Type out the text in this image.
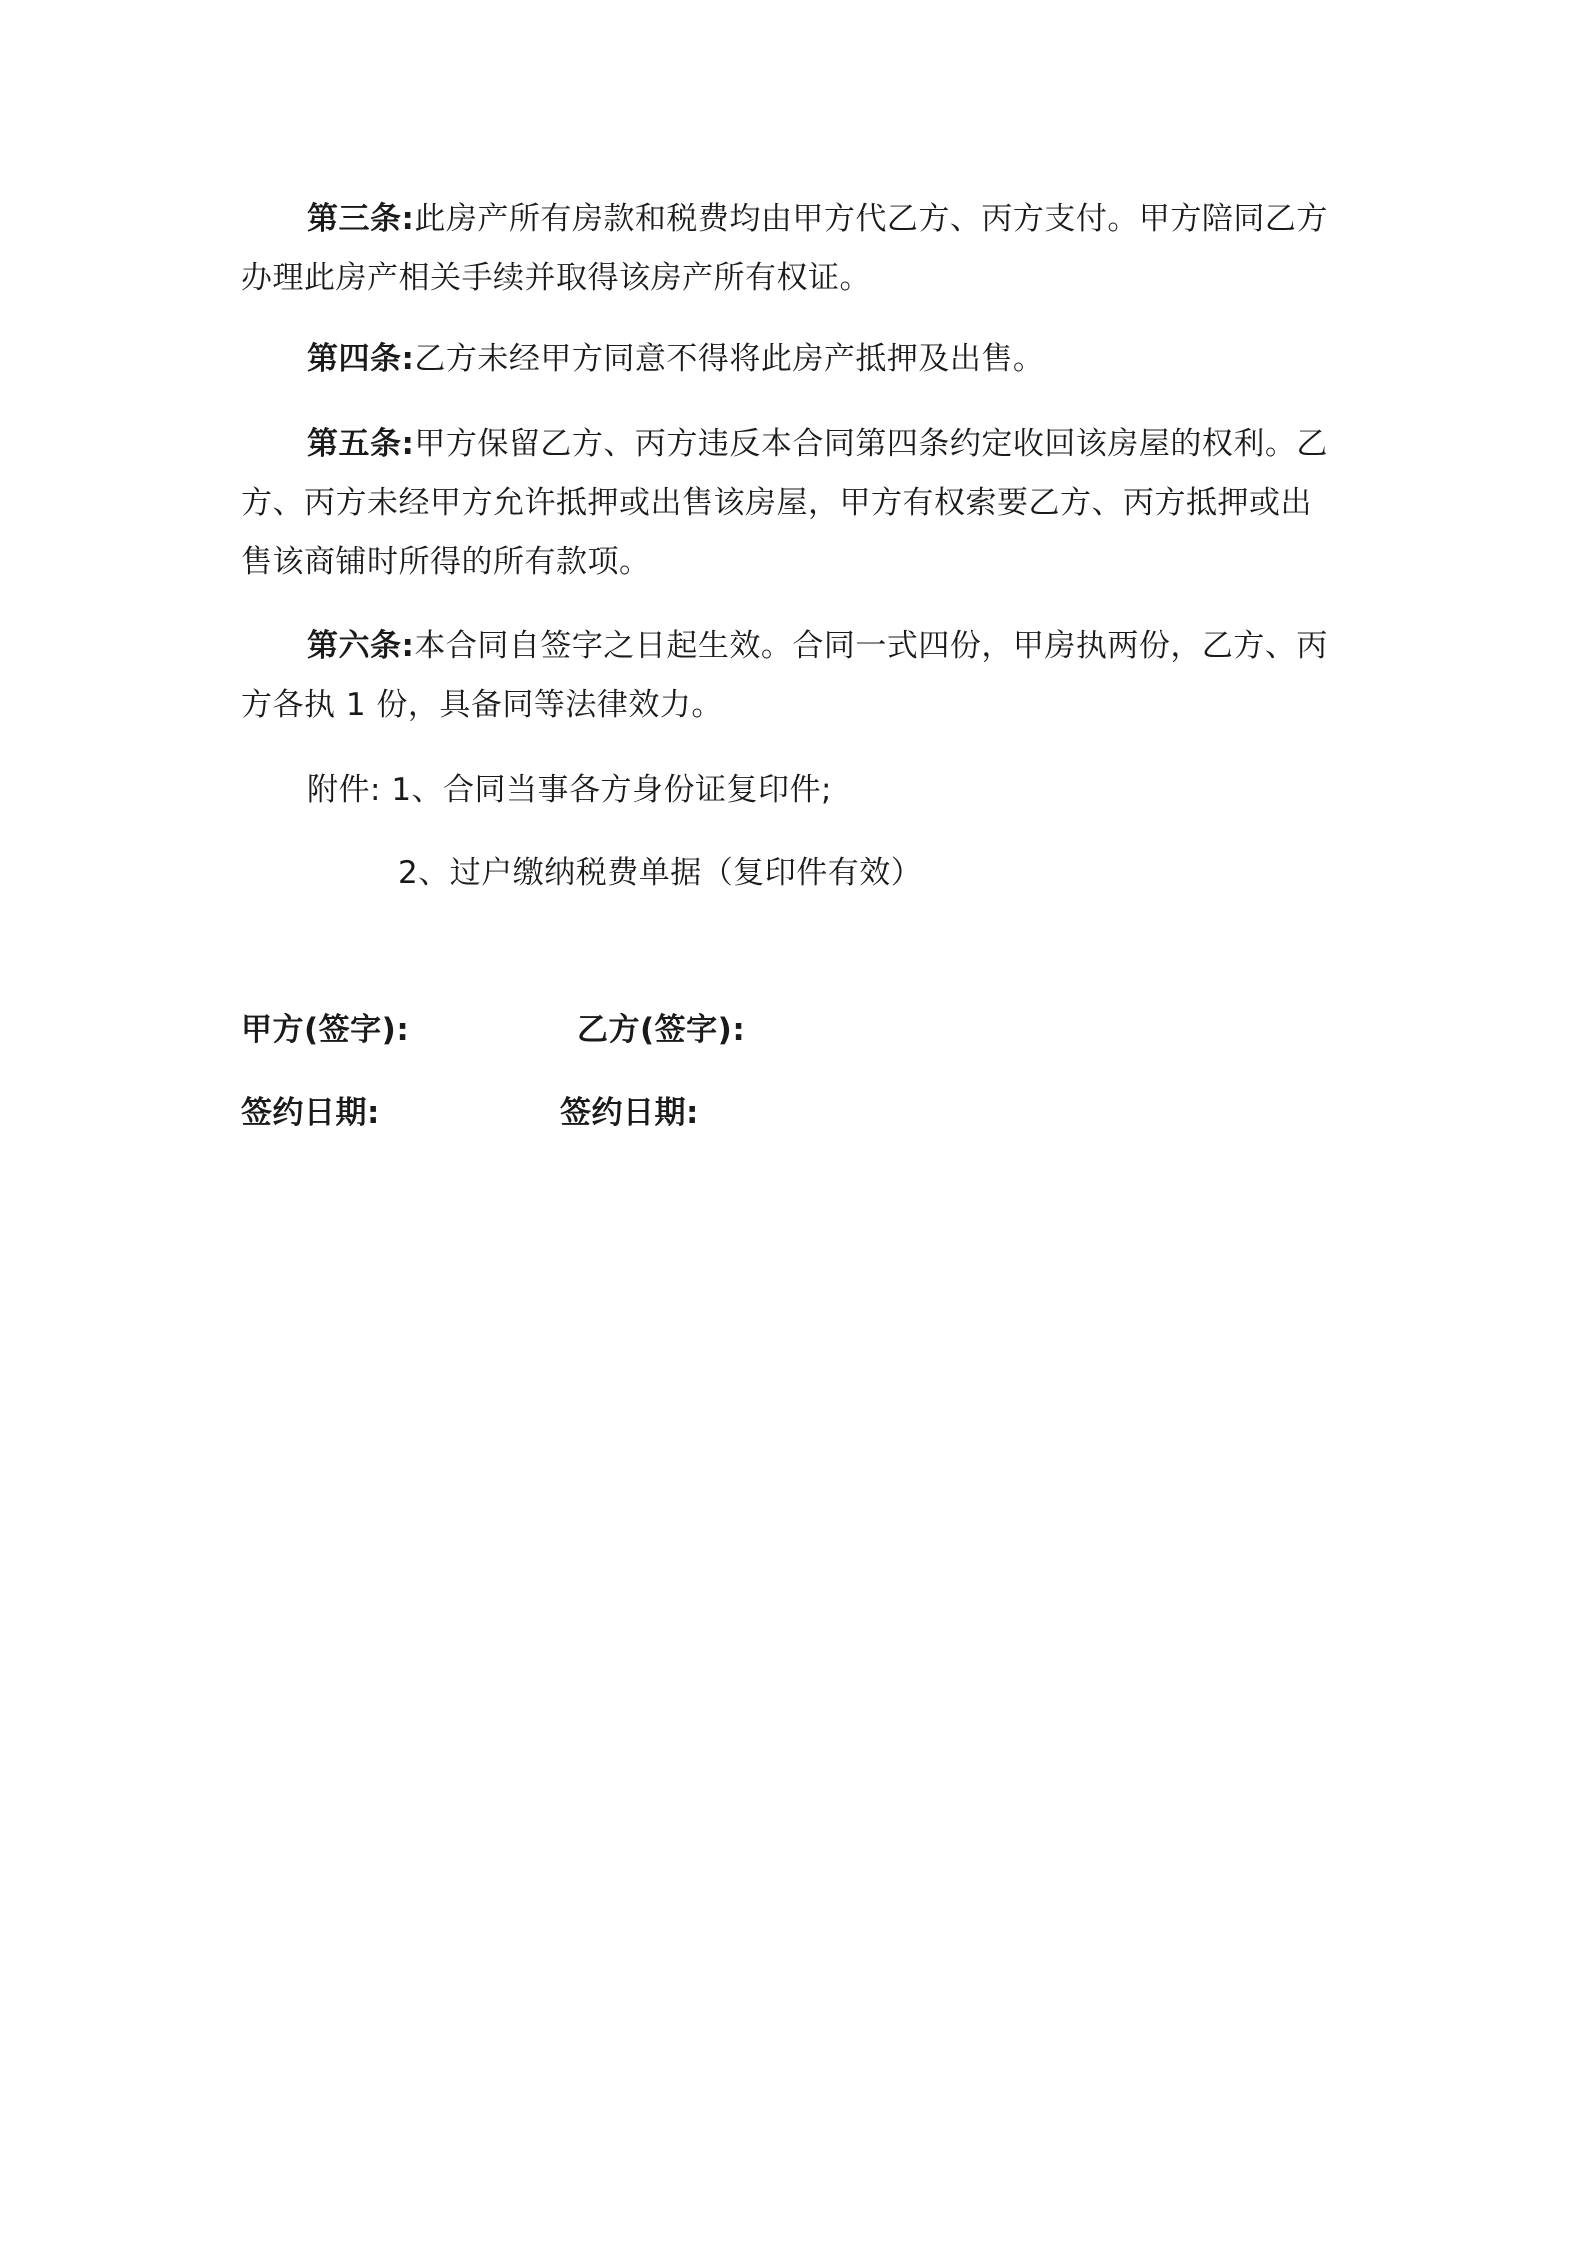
第三条:此房产所有房款和税费均由甲方代乙方、丙方支付。甲方陪同乙方办理此房产相关手续并取得该房产所有权证。

第四条:乙方未经甲方同意不得将此房产抵押及出售。

第五条:甲方保留乙方、丙方违反本合同第四条约定收回该房屋的权利。乙方、丙方未经甲方允许抵押或出售该房屋，甲方有权索要乙方、丙方抵押或出售该商铺时所得的所有款项。

第六条:本合同自签字之日起生效。合同一式四份，甲房执两份，乙方、丙方各执 1 份，具备同等法律效力。

附件: 1、合同当事各方身份证复印件;
2、过户缴纳税费单据（复印件有效）
甲方(签字):	乙方(签字):
签约日期:	签约日期:
